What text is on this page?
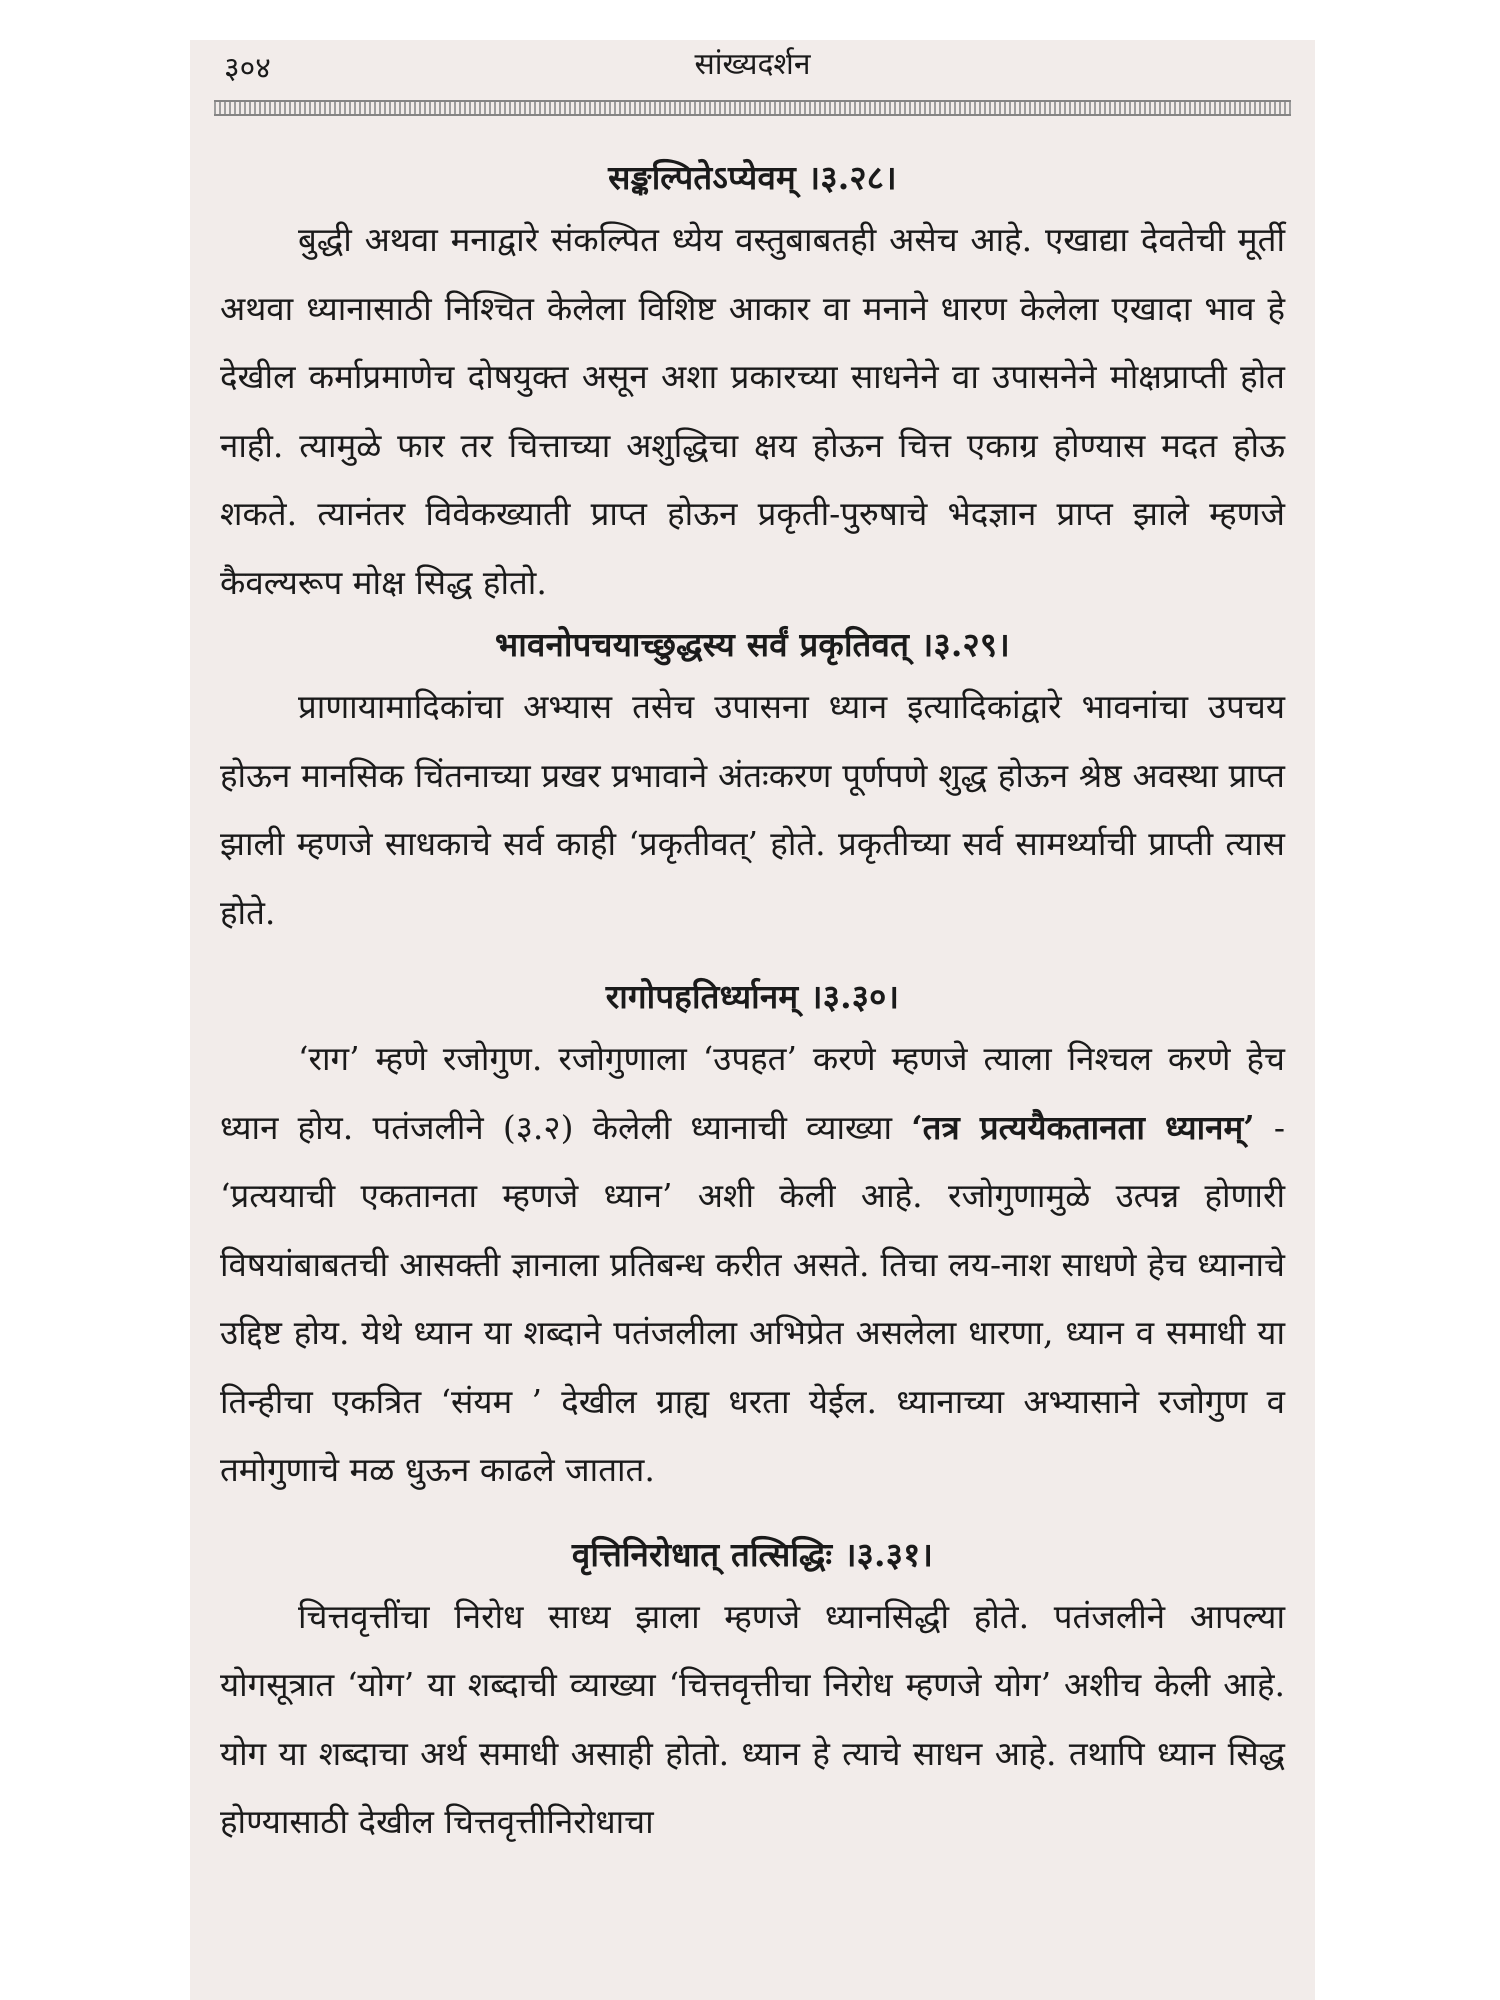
३०४	सांख्यदर्शन

सङ्कल्पितेऽप्येवम् ।३.२८।

बुद्धी अथवा मनाद्वारे संकल्पित ध्येय वस्तुबाबतही असेच आहे. एखाद्या देवतेची मूर्ती अथवा ध्यानासाठी निश्चित केलेला विशिष्ट आकार वा मनाने धारण केलेला एखादा भाव हे देखील कर्माप्रमाणेच दोषयुक्त असून अशा प्रकारच्या साधनेने वा उपासनेने मोक्षप्राप्ती होत नाही. त्यामुळे फार तर चित्ताच्या अशुद्धिचा क्षय होऊन चित्त एकाग्र होण्यास मदत होऊ शकते. त्यानंतर विवेकख्याती प्राप्त होऊन प्रकृती-पुरुषाचे भेदज्ञान प्राप्त झाले म्हणजे कैवल्यरूप मोक्ष सिद्ध होतो.

भावनोपचयाच्छुद्धस्य सर्वं प्रकृतिवत् ।३.२९।

प्राणायामादिकांचा अभ्यास तसेच उपासना ध्यान इत्यादिकांद्वारे भावनांचा उपचय होऊन मानसिक चिंतनाच्या प्रखर प्रभावाने अंतःकरण पूर्णपणे शुद्ध होऊन श्रेष्ठ अवस्था प्राप्त झाली म्हणजे साधकाचे सर्व काही ‘प्रकृतीवत्’ होते. प्रकृतीच्या सर्व सामर्थ्याची प्राप्ती त्यास होते.

रागोपहतिर्ध्यानम् ।३.३०।

‘राग’ म्हणे रजोगुण. रजोगुणाला ‘उपहत’ करणे म्हणजे त्याला निश्चल करणे हेच ध्यान होय. पतंजलीने (३.२) केलेली ध्यानाची व्याख्या ‘तत्र प्रत्ययैकतानता ध्यानम्’ - ‘प्रत्ययाची एकतानता म्हणजे ध्यान’ अशी केली आहे. रजोगुणामुळे उत्पन्न होणारी विषयांबाबतची आसक्ती ज्ञानाला प्रतिबन्ध करीत असते. तिचा लय-नाश साधणे हेच ध्यानाचे उद्दिष्ट होय. येथे ध्यान या शब्दाने पतंजलीला अभिप्रेत असलेला धारणा, ध्यान व समाधी या तिन्हीचा एकत्रित ‘संयम ’ देखील ग्राह्य धरता येईल. ध्यानाच्या अभ्यासाने रजोगुण व तमोगुणाचे मळ धुऊन काढले जातात.

वृत्तिनिरोधात् तत्सिद्धिः ।३.३१।

चित्तवृत्तींचा निरोध साध्य झाला म्हणजे ध्यानसिद्धी होते. पतंजलीने आपल्या योगसूत्रात ‘योग’ या शब्दाची व्याख्या ‘चित्तवृत्तीचा निरोध म्हणजे योग’ अशीच केली आहे. योग या शब्दाचा अर्थ समाधी असाही होतो. ध्यान हे त्याचे साधन आहे. तथापि ध्यान सिद्ध होण्यासाठी देखील चित्तवृत्तीनिरोधाचा
